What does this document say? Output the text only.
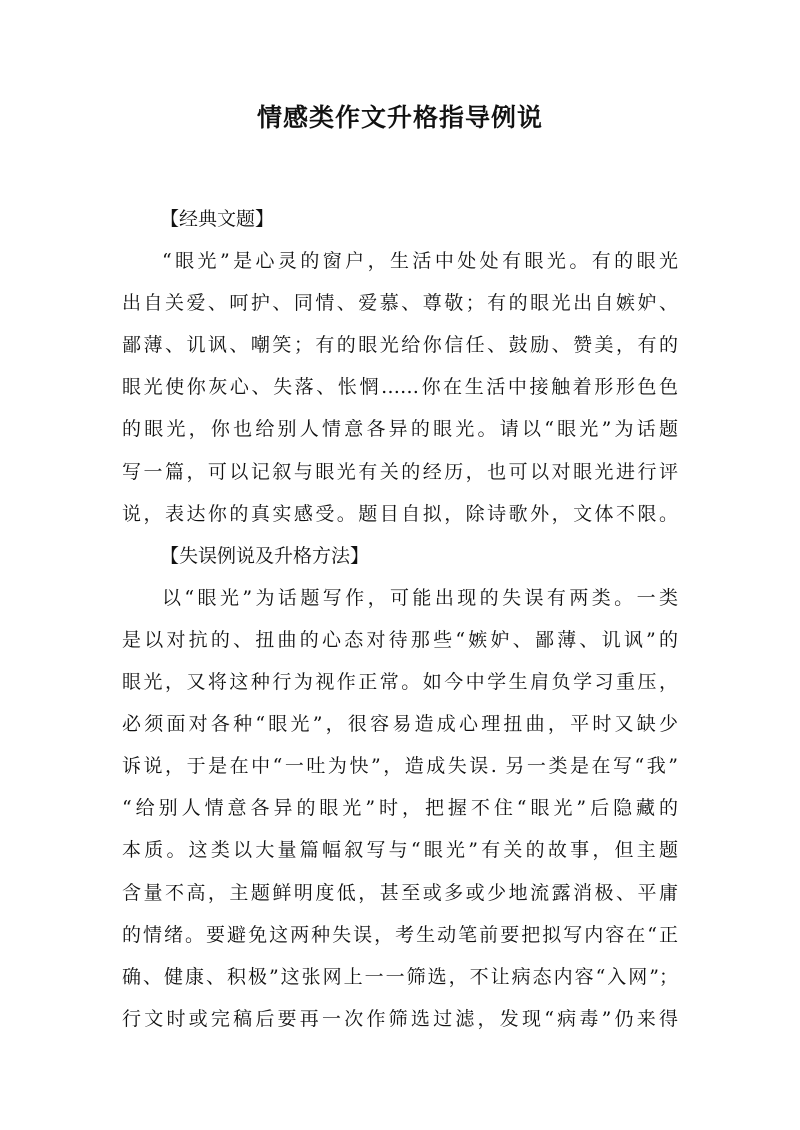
情感类作文升格指导例说
【经典文题】
“眼光”是心灵的窗户，生活中处处有眼光。有的眼光
出自关爱、呵护、同情、爱慕、尊敬；有的眼光出自嫉妒、
鄙薄、讥讽、嘲笑；有的眼光给你信任、鼓励、赞美，有的
眼光使你灰心、失落、怅惘……你在生活中接触着形形色色
的眼光，你也给别人情意各异的眼光。请以“眼光”为话题
写一篇，可以记叙与眼光有关的经历，也可以对眼光进行评
说，表达你的真实感受。题目自拟，除诗歌外，文体不限。
【失误例说及升格方法】
以“眼光”为话题写作，可能出现的失误有两类。一类
是以对抗的、扭曲的心态对待那些“嫉妒、鄙薄、讥讽”的
眼光，又将这种行为视作正常。如今中学生肩负学习重压，
必须面对各种“眼光”，很容易造成心理扭曲，平时又缺少
诉说，于是在中“一吐为快”，造成失误. 另一类是在写“我”
“给别人情意各异的眼光”时，把握不住“眼光”后隐藏的
本质。这类以大量篇幅叙写与“眼光”有关的故事，但主题
含量不高，主题鲜明度低，甚至或多或少地流露消极、平庸
的情绪。要避免这两种失误，考生动笔前要把拟写内容在“正
确、健康、积极”这张网上一一筛选，不让病态内容“入网”；
行文时或完稿后要再一次作筛选过滤，发现“病毒”仍来得
